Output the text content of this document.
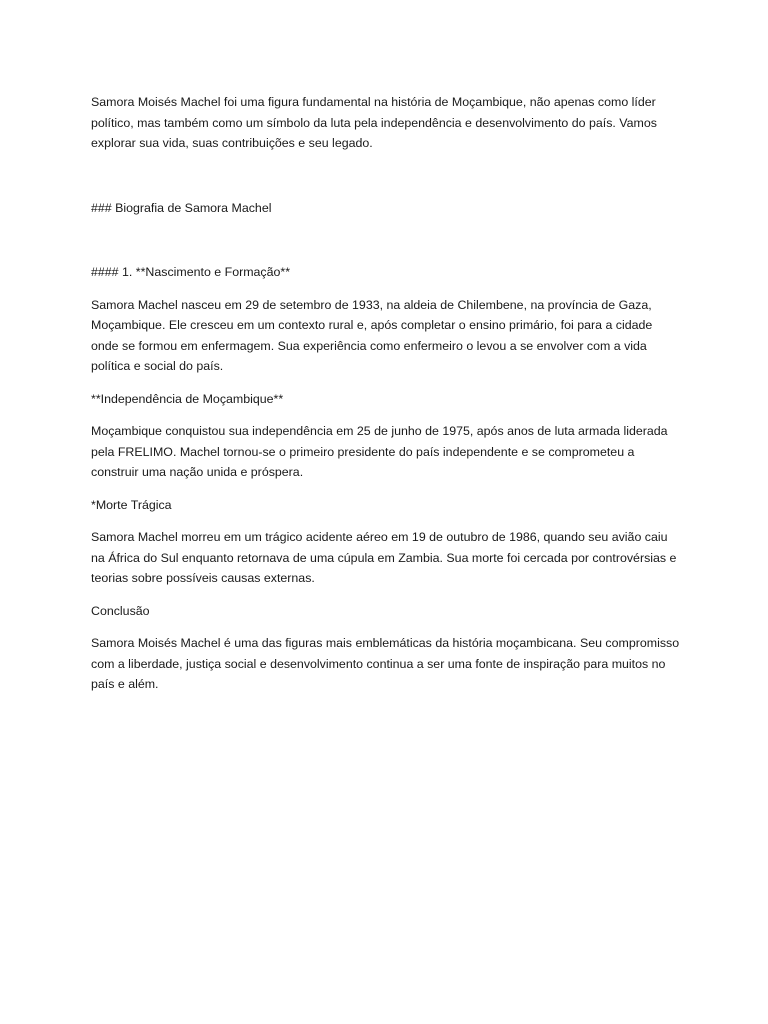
Samora Moisés Machel foi uma figura fundamental na história de Moçambique, não apenas como líder político, mas também como um símbolo da luta pela independência e desenvolvimento do país. Vamos explorar sua vida, suas contribuições e seu legado.

### Biografia de Samora Machel

#### 1. **Nascimento e Formação**

Samora Machel nasceu em 29 de setembro de 1933, na aldeia de Chilembene, na província de Gaza, Moçambique. Ele cresceu em um contexto rural e, após completar o ensino primário, foi para a cidade onde se formou em enfermagem. Sua experiência como enfermeiro o levou a se envolver com a vida política e social do país.

**Independência de Moçambique**

Moçambique conquistou sua independência em 25 de junho de 1975, após anos de luta armada liderada pela FRELIMO. Machel tornou-se o primeiro presidente do país independente e se comprometeu a construir uma nação unida e próspera.

*Morte Trágica

Samora Machel morreu em um trágico acidente aéreo em 19 de outubro de 1986, quando seu avião caiu na África do Sul enquanto retornava de uma cúpula em Zambia. Sua morte foi cercada por controvérsias e teorias sobre possíveis causas externas.

Conclusão

Samora Moisés Machel é uma das figuras mais emblemáticas da história moçambicana. Seu compromisso com a liberdade, justiça social e desenvolvimento continua a ser uma fonte de inspiração para muitos no país e além.
